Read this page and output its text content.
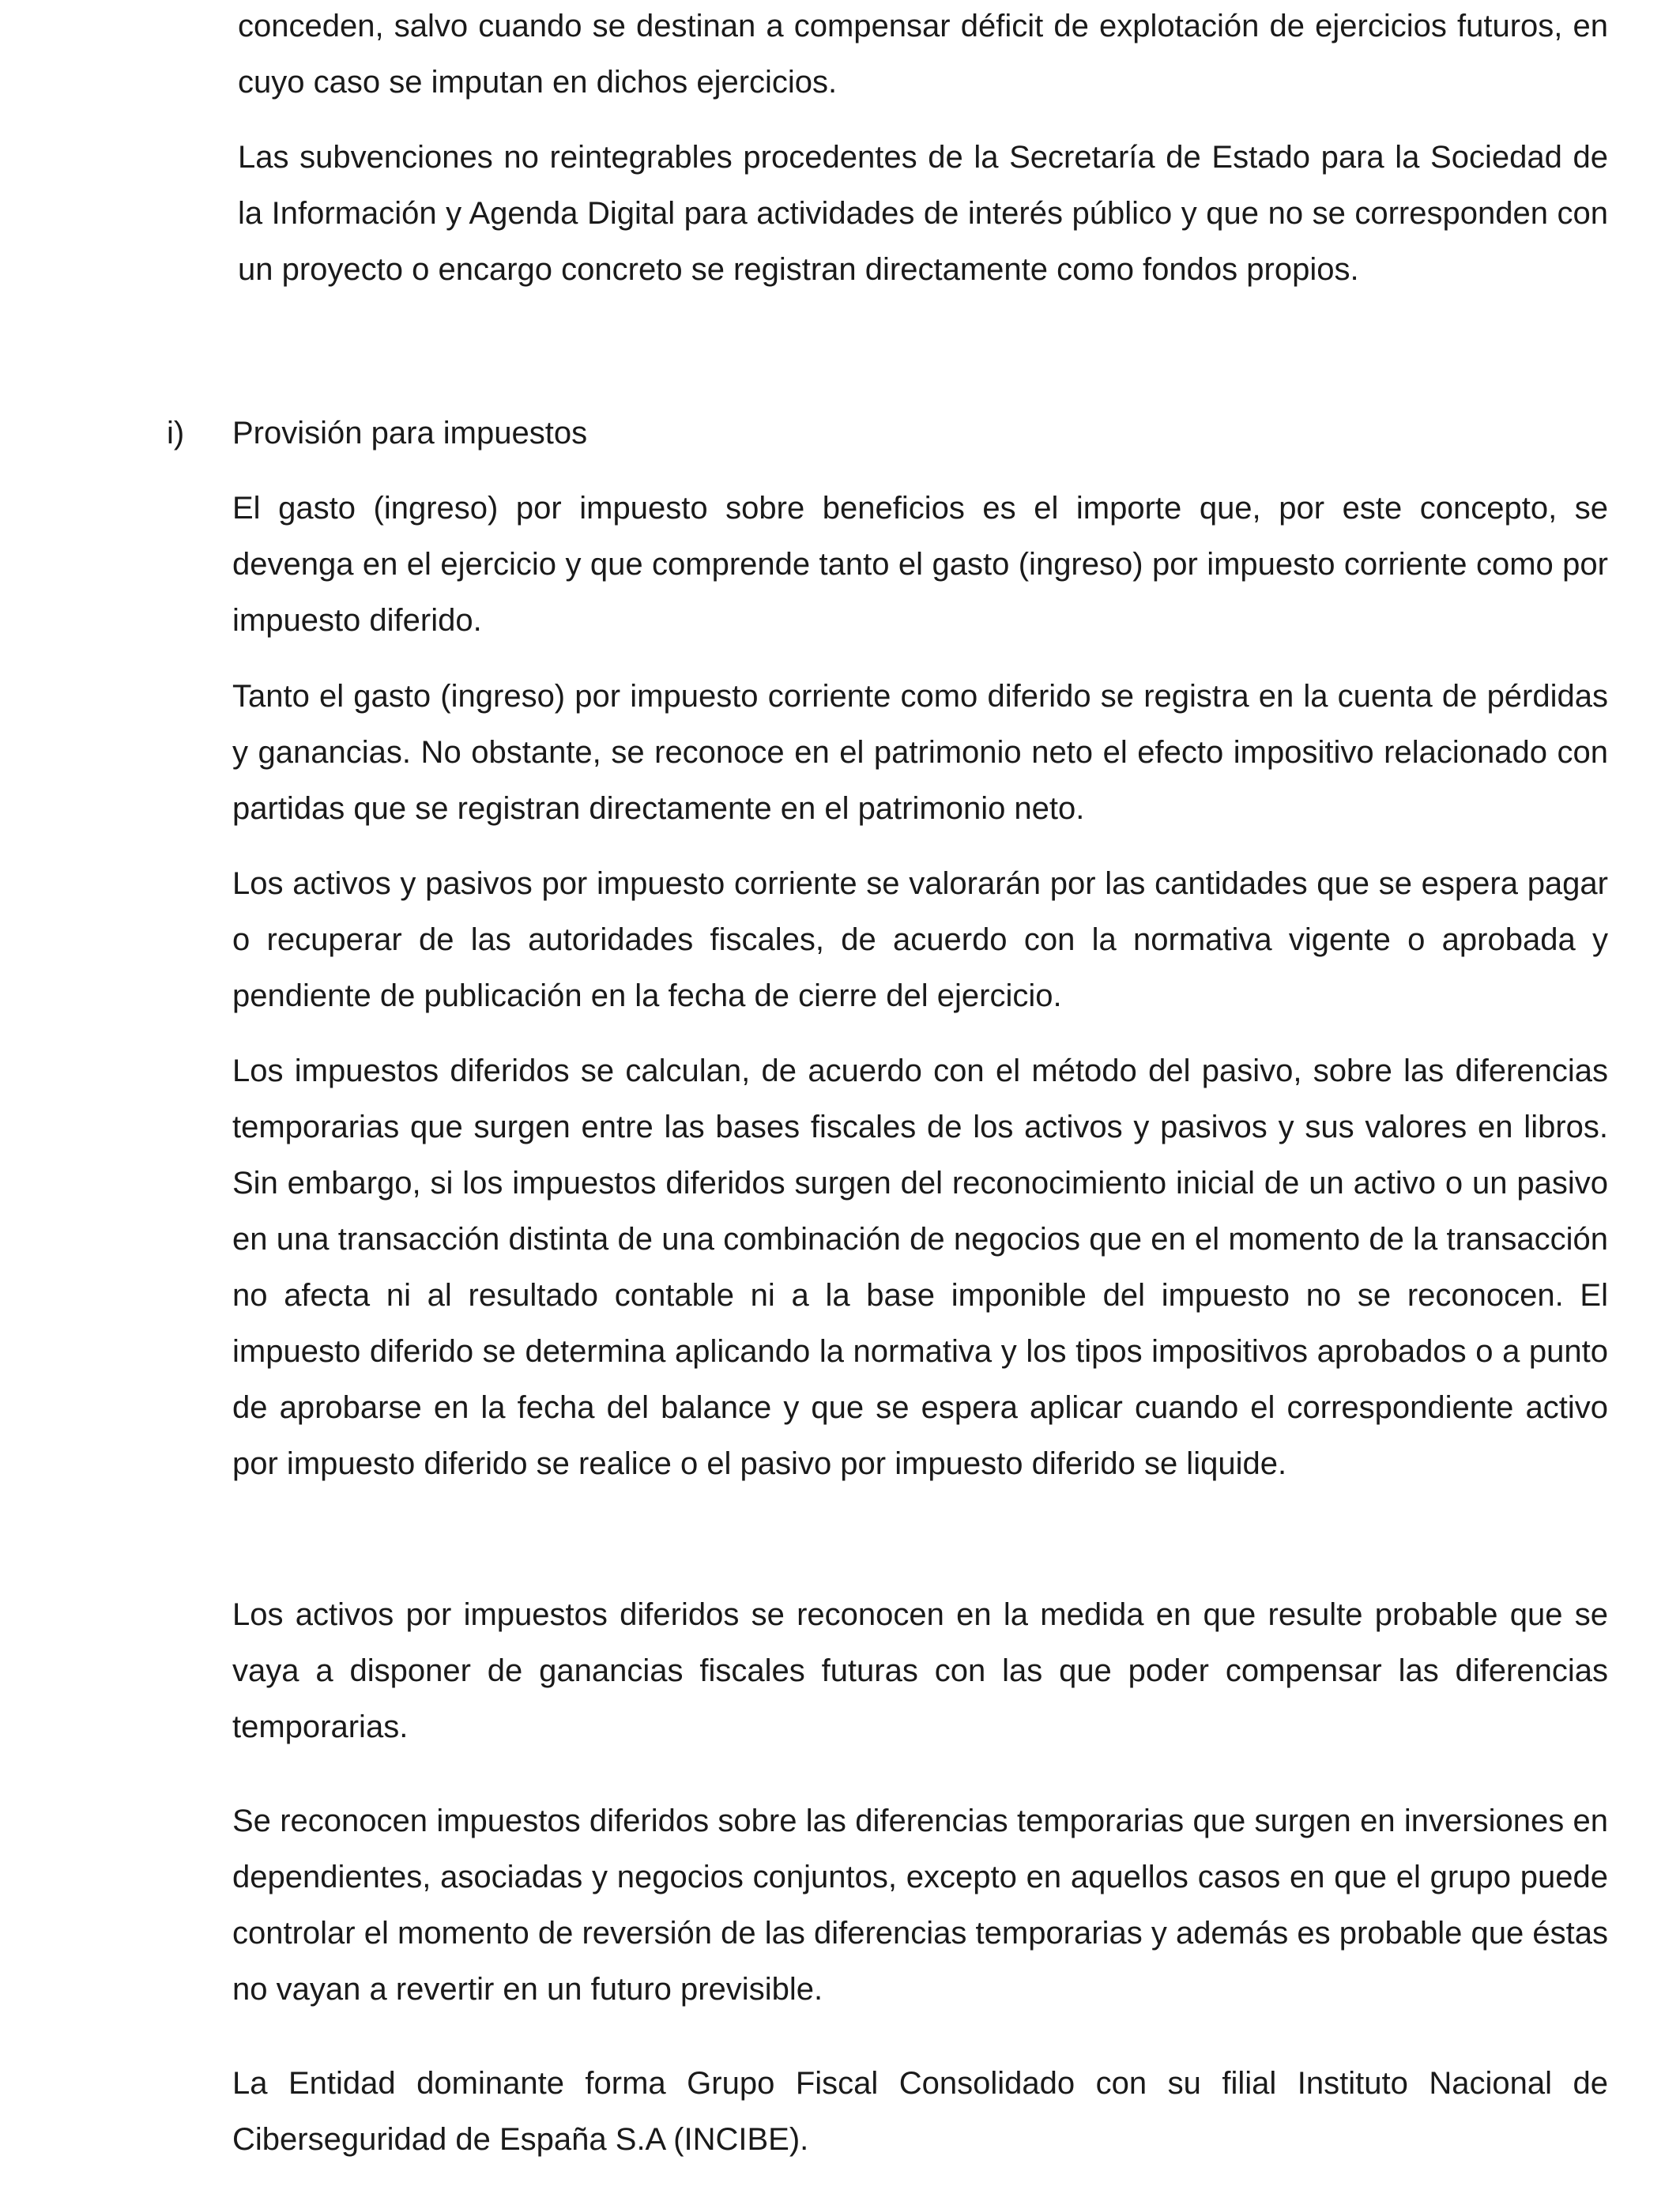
conceden, salvo cuando se destinan a compensar déficit de explotación de ejercicios futuros, en cuyo caso se imputan en dichos ejercicios.

Las subvenciones no reintegrables procedentes de la Secretaría de Estado para la Sociedad de la Información y Agenda Digital para actividades de interés público y que no se corresponden con un proyecto o encargo concreto se registran directamente como fondos propios.

i) Provisión para impuestos

El gasto (ingreso) por impuesto sobre beneficios es el importe que, por este concepto, se devenga en el ejercicio y que comprende tanto el gasto (ingreso) por impuesto corriente como por impuesto diferido.

Tanto el gasto (ingreso) por impuesto corriente como diferido se registra en la cuenta de pérdidas y ganancias. No obstante, se reconoce en el patrimonio neto el efecto impositivo relacionado con partidas que se registran directamente en el patrimonio neto.

Los activos y pasivos por impuesto corriente se valorarán por las cantidades que se espera pagar o recuperar de las autoridades fiscales, de acuerdo con la normativa vigente o aprobada y pendiente de publicación en la fecha de cierre del ejercicio.

Los impuestos diferidos se calculan, de acuerdo con el método del pasivo, sobre las diferencias temporarias que surgen entre las bases fiscales de los activos y pasivos y sus valores en libros. Sin embargo, si los impuestos diferidos surgen del reconocimiento inicial de un activo o un pasivo en una transacción distinta de una combinación de negocios que en el momento de la transacción no afecta ni al resultado contable ni a la base imponible del impuesto no se reconocen. El impuesto diferido se determina aplicando la normativa y los tipos impositivos aprobados o a punto de aprobarse en la fecha del balance y que se espera aplicar cuando el correspondiente activo por impuesto diferido se realice o el pasivo por impuesto diferido se liquide.

Los activos por impuestos diferidos se reconocen en la medida en que resulte probable que se vaya a disponer de ganancias fiscales futuras con las que poder compensar las diferencias temporarias.

Se reconocen impuestos diferidos sobre las diferencias temporarias que surgen en inversiones en dependientes, asociadas y negocios conjuntos, excepto en aquellos casos en que el grupo puede controlar el momento de reversión de las diferencias temporarias y además es probable que éstas no vayan a revertir en un futuro previsible.

La Entidad dominante forma Grupo Fiscal Consolidado con su filial Instituto Nacional de Ciberseguridad de España S.A (INCIBE).
